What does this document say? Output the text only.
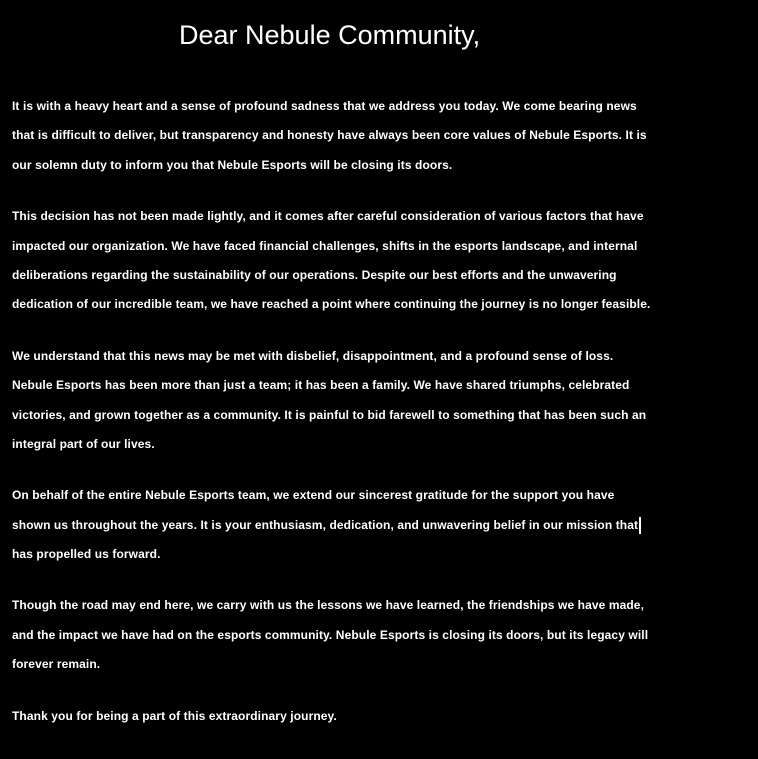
Dear Nebule Community,

It is with a heavy heart and a sense of profound sadness that we address you today. We come bearing news
that is difficult to deliver, but transparency and honesty have always been core values of Nebule Esports. It is
our solemn duty to inform you that Nebule Esports will be closing its doors.

This decision has not been made lightly, and it comes after careful consideration of various factors that have
impacted our organization. We have faced financial challenges, shifts in the esports landscape, and internal
deliberations regarding the sustainability of our operations. Despite our best efforts and the unwavering
dedication of our incredible team, we have reached a point where continuing the journey is no longer feasible.

We understand that this news may be met with disbelief, disappointment, and a profound sense of loss.
Nebule Esports has been more than just a team; it has been a family. We have shared triumphs, celebrated
victories, and grown together as a community. It is painful to bid farewell to something that has been such an
integral part of our lives.

On behalf of the entire Nebule Esports team, we extend our sincerest gratitude for the support you have
shown us throughout the years. It is your enthusiasm, dedication, and unwavering belief in our mission that
has propelled us forward.

Though the road may end here, we carry with us the lessons we have learned, the friendships we have made,
and the impact we have had on the esports community. Nebule Esports is closing its doors, but its legacy will
forever remain.

Thank you for being a part of this extraordinary journey.
